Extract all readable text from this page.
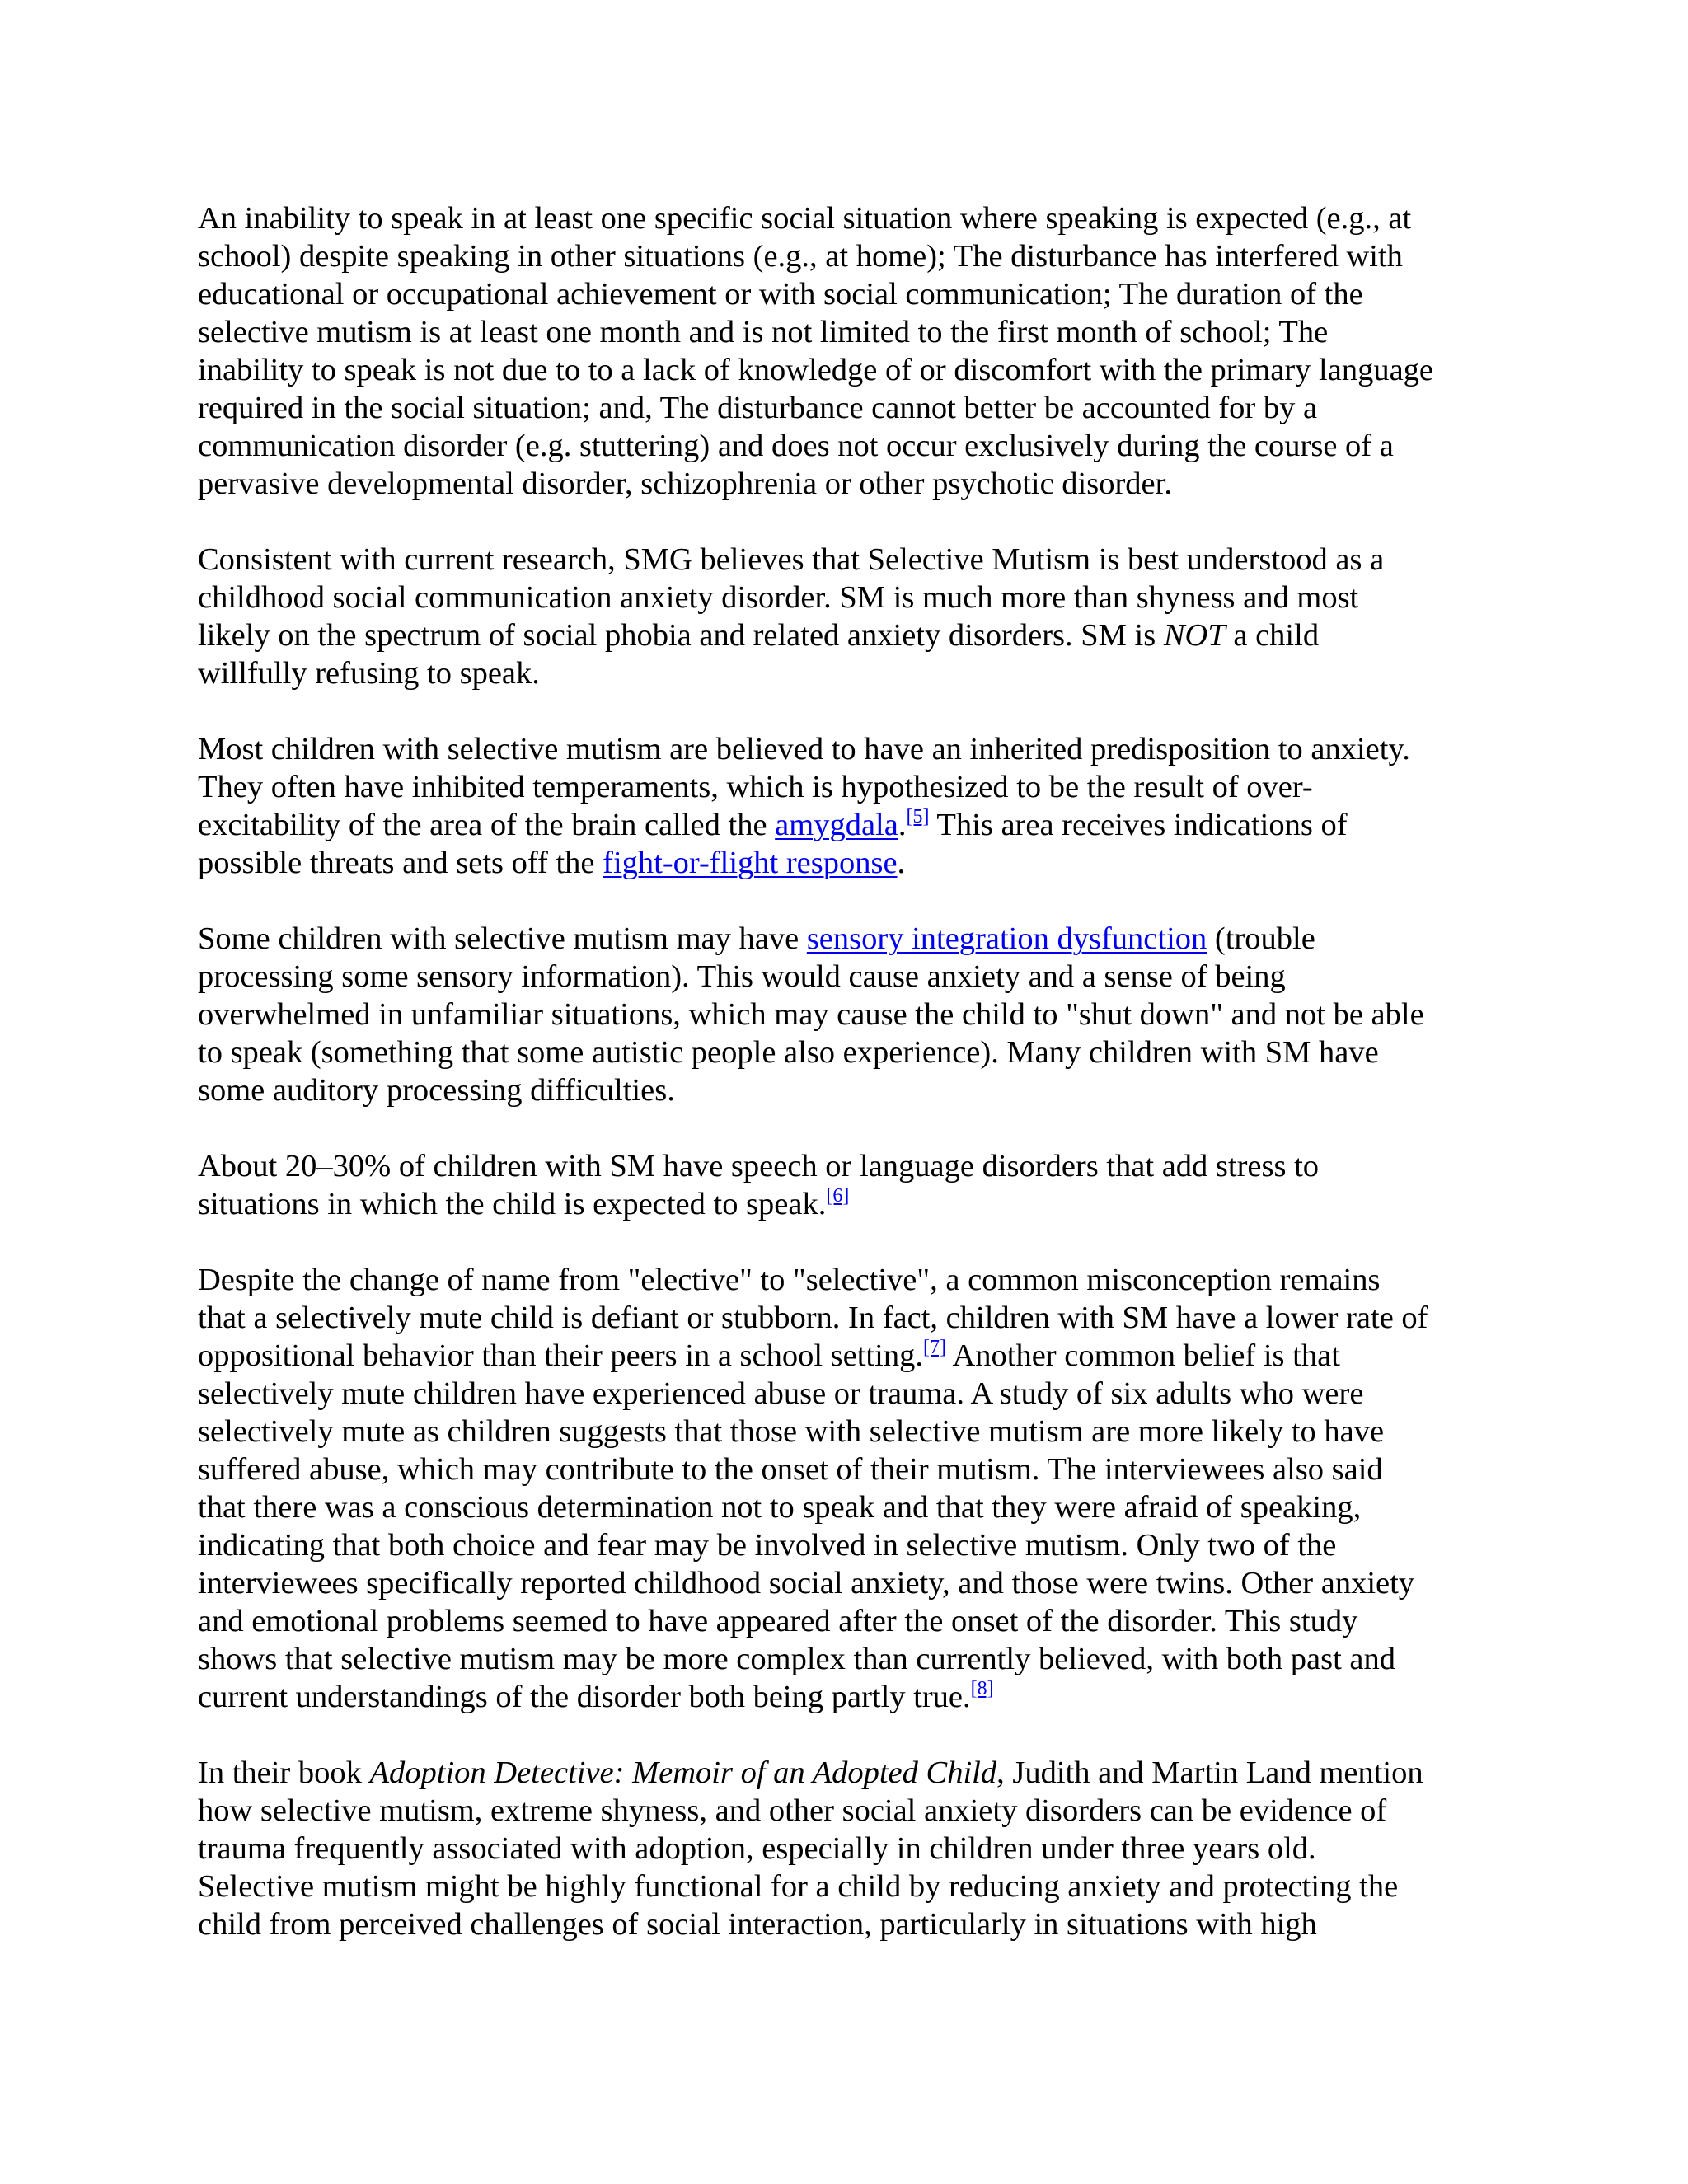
An inability to speak in at least one specific social situation where speaking is expected (e.g., at
school) despite speaking in other situations (e.g., at home); The disturbance has interfered with
educational or occupational achievement or with social communication; The duration of the
selective mutism is at least one month and is not limited to the first month of school; The
inability to speak is not due to to a lack of knowledge of or discomfort with the primary language
required in the social situation; and, The disturbance cannot better be accounted for by a
communication disorder (e.g. stuttering) and does not occur exclusively during the course of a
pervasive developmental disorder, schizophrenia or other psychotic disorder.

Consistent with current research, SMG believes that Selective Mutism is best understood as a
childhood social communication anxiety disorder. SM is much more than shyness and most
likely on the spectrum of social phobia and related anxiety disorders. SM is NOT a child
willfully refusing to speak.

Most children with selective mutism are believed to have an inherited predisposition to anxiety.
They often have inhibited temperaments, which is hypothesized to be the result of over-
excitability of the area of the brain called the amygdala.[5] This area receives indications of
possible threats and sets off the fight-or-flight response.

Some children with selective mutism may have sensory integration dysfunction (trouble
processing some sensory information). This would cause anxiety and a sense of being
overwhelmed in unfamiliar situations, which may cause the child to "shut down" and not be able
to speak (something that some autistic people also experience). Many children with SM have
some auditory processing difficulties.

About 20–30% of children with SM have speech or language disorders that add stress to
situations in which the child is expected to speak.[6]

Despite the change of name from "elective" to "selective", a common misconception remains
that a selectively mute child is defiant or stubborn. In fact, children with SM have a lower rate of
oppositional behavior than their peers in a school setting.[7] Another common belief is that
selectively mute children have experienced abuse or trauma. A study of six adults who were
selectively mute as children suggests that those with selective mutism are more likely to have
suffered abuse, which may contribute to the onset of their mutism. The interviewees also said
that there was a conscious determination not to speak and that they were afraid of speaking,
indicating that both choice and fear may be involved in selective mutism. Only two of the
interviewees specifically reported childhood social anxiety, and those were twins. Other anxiety
and emotional problems seemed to have appeared after the onset of the disorder. This study
shows that selective mutism may be more complex than currently believed, with both past and
current understandings of the disorder both being partly true.[8]

In their book Adoption Detective: Memoir of an Adopted Child, Judith and Martin Land mention
how selective mutism, extreme shyness, and other social anxiety disorders can be evidence of
trauma frequently associated with adoption, especially in children under three years old.
Selective mutism might be highly functional for a child by reducing anxiety and protecting the
child from perceived challenges of social interaction, particularly in situations with high
